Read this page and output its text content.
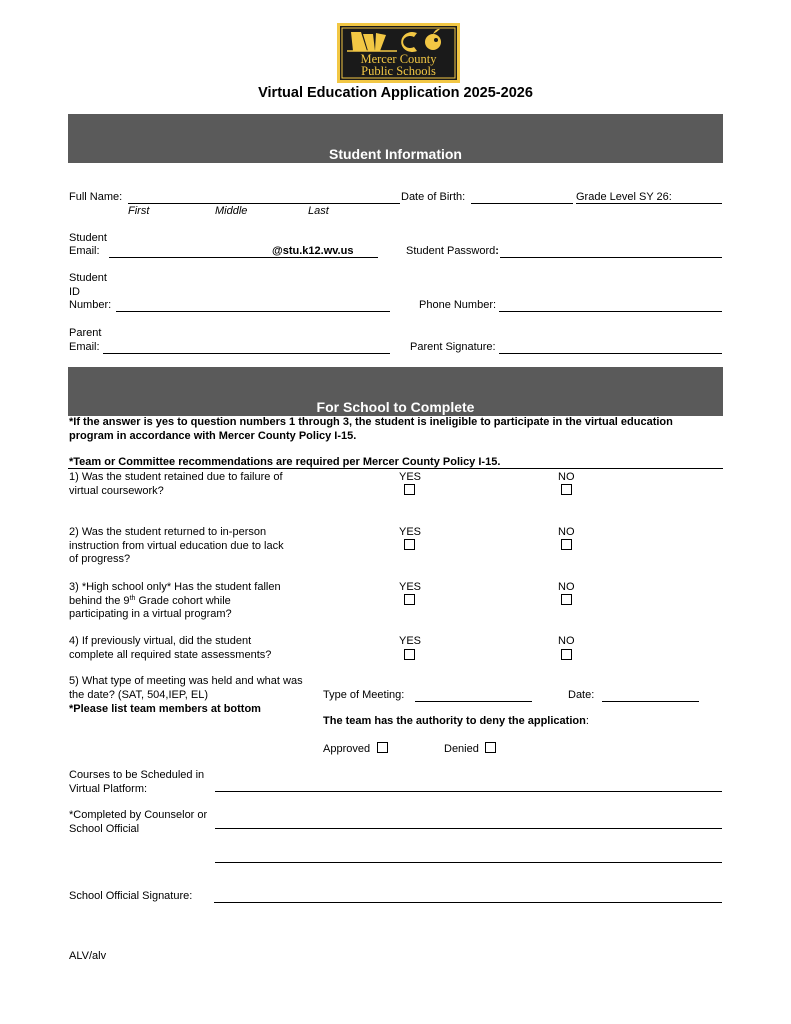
Mercer County
Public Schools
Virtual Education Application 2025-2026
Student Information
Full Name:
First	Middle	Last
Date of Birth:	Grade Level SY 26:
Student
Email:	@stu.k12.wv.us	Student Password:
Student
ID
Number:	Phone Number:
Parent
Email:	Parent Signature:
For School to Complete
*If the answer is yes to question numbers 1 through 3, the student is ineligible to participate in the virtual education program in accordance with Mercer County Policy I-15.
*Team or Committee recommendations are required per Mercer County Policy I-15.
1) Was the student retained due to failure of virtual coursework?
YES	NO
2) Was the student returned to in-person instruction from virtual education due to lack of progress?
YES	NO
3) *High school only* Has the student fallen behind the 9th Grade cohort while participating in a virtual program?
YES	NO
4) If previously virtual, did the student complete all required state assessments?
YES	NO
5) What type of meeting was held and what was the date? (SAT, 504,IEP, EL)
*Please list team members at bottom
Type of Meeting:	Date:
The team has the authority to deny the application:
Approved	Denied
Courses to be Scheduled in Virtual Platform:
*Completed by Counselor or School Official
School Official Signature:
ALV/alv
